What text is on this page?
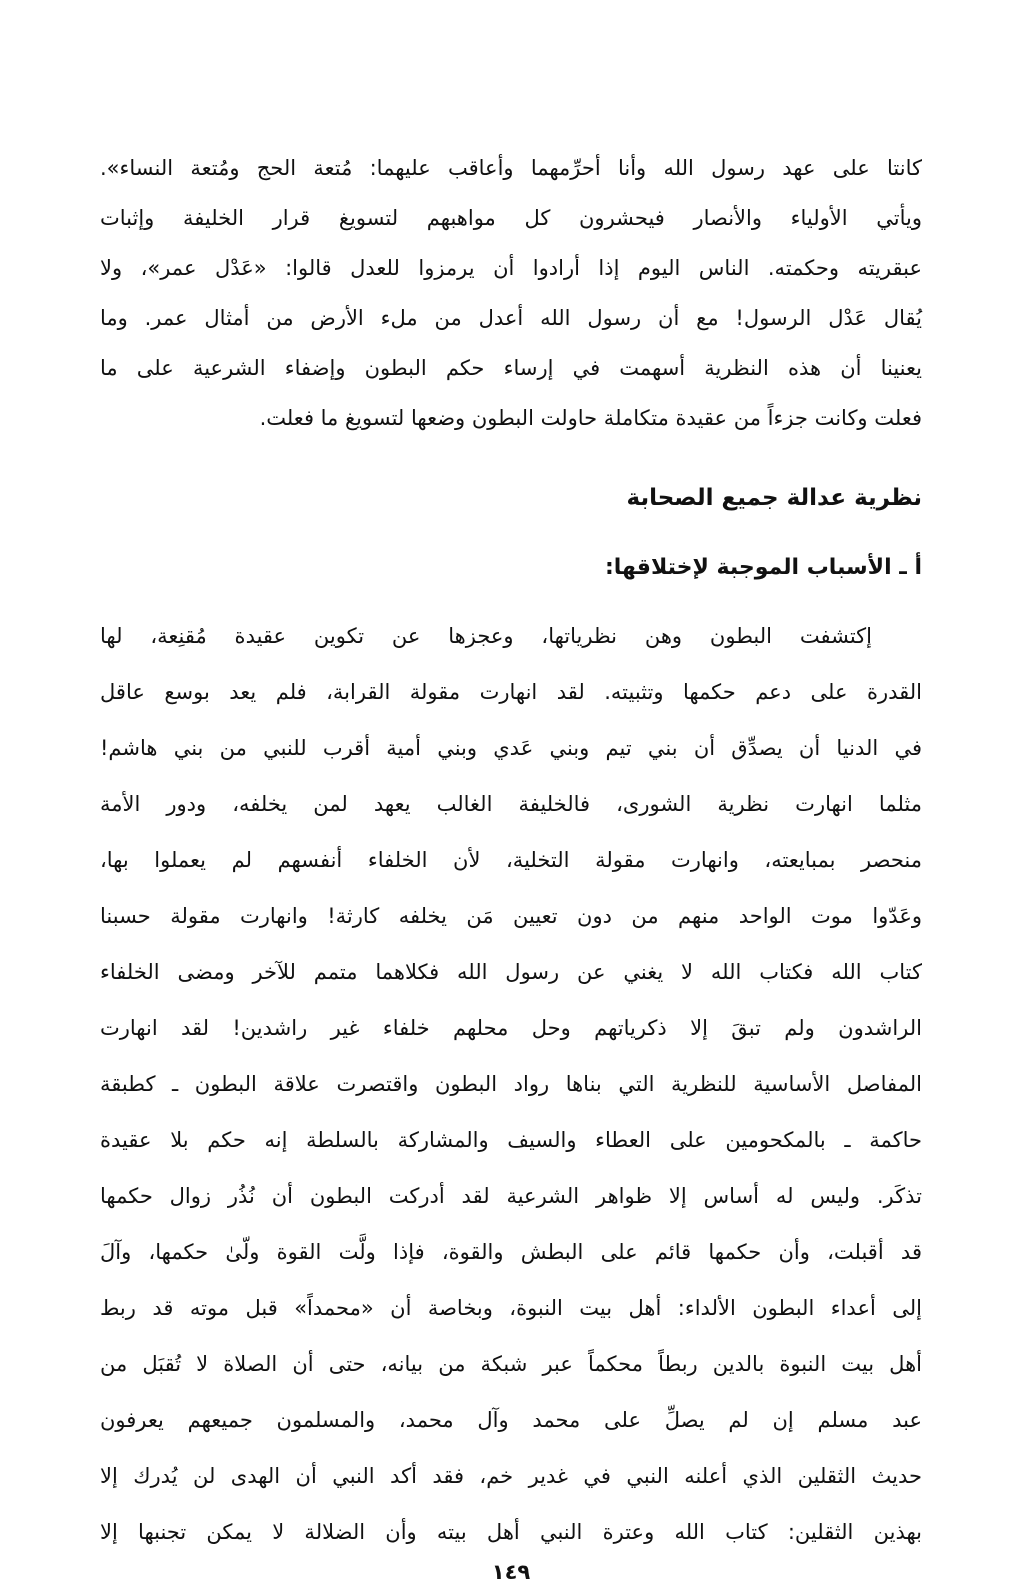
كانتا على عهد رسول الله وأنا أحرِّمهما وأعاقب عليهما: مُتعة الحج ومُتعة النساء».
ويأتي الأولياء والأنصار فيحشرون كل مواهبهم لتسويغ قرار الخليفة وإثبات
عبقريته وحكمته. الناس اليوم إذا أرادوا أن يرمزوا للعدل قالوا: «عَدْل عمر»، ولا
يُقال عَدْل الرسول! مع أن رسول الله أعدل من ملء الأرض من أمثال عمر. وما
يعنينا أن هذه النظرية أسهمت في إرساء حكم البطون وإضفاء الشرعية على ما
فعلت وكانت جزءاً من عقيدة متكاملة حاولت البطون وضعها لتسويغ ما فعلت.
نظرية عدالة جميع الصحابة
أ ـ الأسباب الموجبة لإختلاقها:
إكتشفت البطون وهن نظرياتها، وعجزها عن تكوين عقيدة مُقنِعة، لها
القدرة على دعم حكمها وتثبيته. لقد انهارت مقولة القرابة، فلم يعد بوسع عاقل
في الدنيا أن يصدِّق أن بني تيم وبني عَدي وبني أمية أقرب للنبي من بني هاشم!
مثلما انهارت نظرية الشورى، فالخليفة الغالب يعهد لمن يخلفه، ودور الأمة
منحصر بمبايعته، وانهارت مقولة التخلية، لأن الخلفاء أنفسهم لم يعملوا بها،
وعَدّوا موت الواحد منهم من دون تعيين مَن يخلفه كارثة! وانهارت مقولة حسبنا
كتاب الله فكتاب الله لا يغني عن رسول الله فكلاهما متمم للآخر ومضى الخلفاء
الراشدون ولم تبقَ إلا ذكرياتهم وحل محلهم خلفاء غير راشدين! لقد انهارت
المفاصل الأساسية للنظرية التي بناها رواد البطون واقتصرت علاقة البطون ـ كطبقة
حاكمة ـ بالمكحومين على العطاء والسيف والمشاركة بالسلطة إنه حكم بلا عقيدة
تذكَر. وليس له أساس إلا ظواهر الشرعية لقد أدركت البطون أن نُذُر زوال حكمها
قد أقبلت، وأن حكمها قائم على البطش والقوة، فإذا ولَّت القوة ولّىٰ حكمها، وآلَ
إلى أعداء البطون الألداء: أهل بيت النبوة، وبخاصة أن «محمداً» قبل موته قد ربط
أهل بيت النبوة بالدين ربطاً محكماً عبر شبكة من بيانه، حتى أن الصلاة لا تُقبَل من
عبد مسلم إن لم يصلِّ على محمد وآل محمد، والمسلمون جميعهم يعرفون
حديث الثقلين الذي أعلنه النبي في غدير خم، فقد أكد النبي أن الهدى لن يُدرك إلا
بهذين الثقلين: كتاب الله وعترة النبي أهل بيته وأن الضلالة لا يمكن تجنبها إلا
١٤٩
